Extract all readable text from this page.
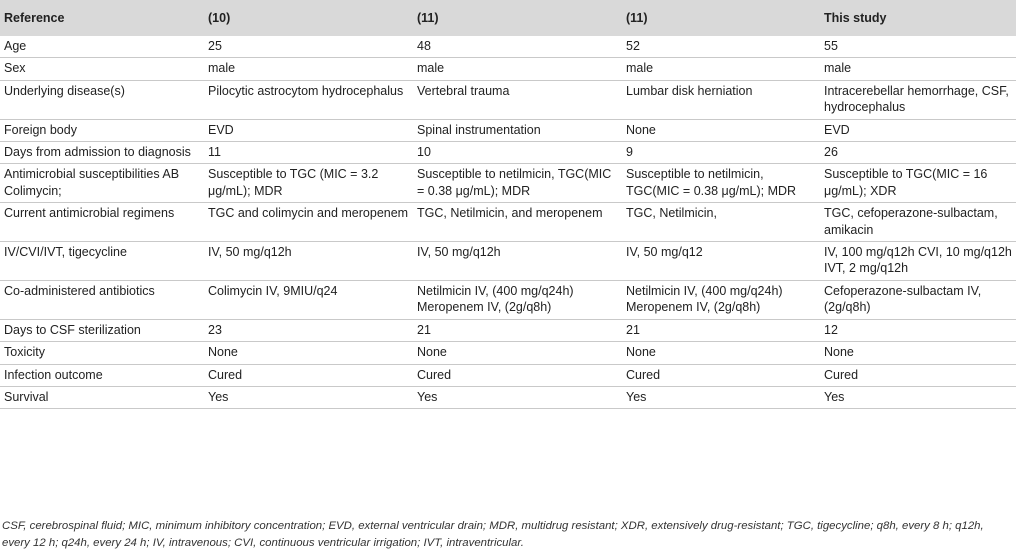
Reference	(10)	(11)	(11)	This study
Age	25	48	52	55
Sex	male	male	male	male
Underlying disease(s)	Pilocytic astrocytom hydrocephalus	Vertebral trauma	Lumbar disk herniation	Intracerebellar hemorrhage, CSF, hydrocephalus
Foreign body	EVD	Spinal instrumentation	None	EVD
Days from admission to diagnosis	11	10	9	26
Antimicrobial susceptibilities AB Colimycin;	Susceptible to TGC (MIC = 3.2 μg/mL); MDR	Susceptible to netilmicin, TGC(MIC = 0.38 μg/mL); MDR	Susceptible to netilmicin, TGC(MIC = 0.38 μg/mL); MDR	Susceptible to TGC(MIC = 16 μg/mL); XDR
Current antimicrobial regimens	TGC and colimycin and meropenem	TGC, Netilmicin, and meropenem	TGC, Netilmicin,	TGC, cefoperazone-sulbactam, amikacin
IV/CVI/IVT, tigecycline	IV, 50 mg/q12h	IV, 50 mg/q12h	IV, 50 mg/q12	IV, 100 mg/q12h CVI, 10 mg/q12h IVT, 2 mg/q12h
Co-administered antibiotics	Colimycin IV, 9MIU/q24	Netilmicin IV, (400 mg/q24h) Meropenem IV, (2g/q8h)	Netilmicin IV, (400 mg/q24h) Meropenem IV, (2g/q8h)	Cefoperazone-sulbactam IV, (2g/q8h)
Days to CSF sterilization	23	21	21	12
Toxicity	None	None	None	None
Infection outcome	Cured	Cured	Cured	Cured
Survival	Yes	Yes	Yes	Yes
CSF, cerebrospinal fluid; MIC, minimum inhibitory concentration; EVD, external ventricular drain; MDR, multidrug resistant; XDR, extensively drug-resistant; TGC, tigecycline; q8h, every 8 h; q12h, every 12 h; q24h, every 24 h; IV, intravenous; CVI, continuous ventricular irrigation; IVT, intraventricular.
